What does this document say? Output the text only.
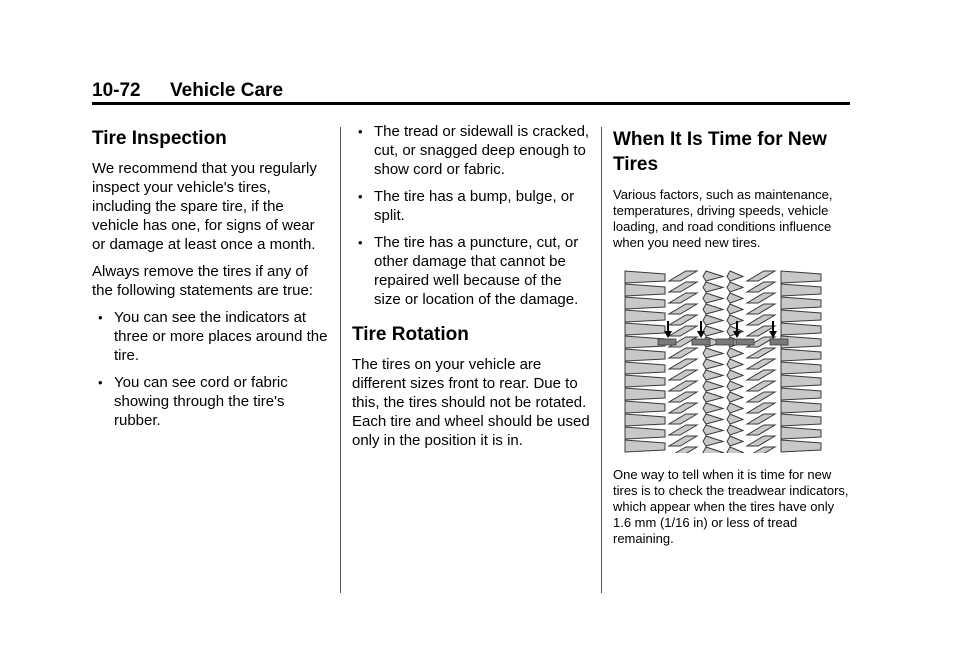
10-72 Vehicle Care
Tire Inspection

We recommend that you regularly inspect your vehicle's tires, including the spare tire, if the vehicle has one, for signs of wear or damage at least once a month.

Always remove the tires if any of the following statements are true:

• You can see the indicators at three or more places around the tire.
• You can see cord or fabric showing through the tire's rubber.
• The tread or sidewall is cracked, cut, or snagged deep enough to show cord or fabric.
• The tire has a bump, bulge, or split.
• The tire has a puncture, cut, or other damage that cannot be repaired well because of the size or location of the damage.
Tire Rotation

The tires on your vehicle are different sizes front to rear. Due to this, the tires should not be rotated. Each tire and wheel should be used only in the position it is in.

When It Is Time for New Tires

Various factors, such as maintenance, temperatures, driving speeds, vehicle loading, and road conditions influence when you need new tires.

One way to tell when it is time for new tires is to check the treadwear indicators, which appear when the tires have only 1.6 mm (1/16 in) or less of tread remaining.
